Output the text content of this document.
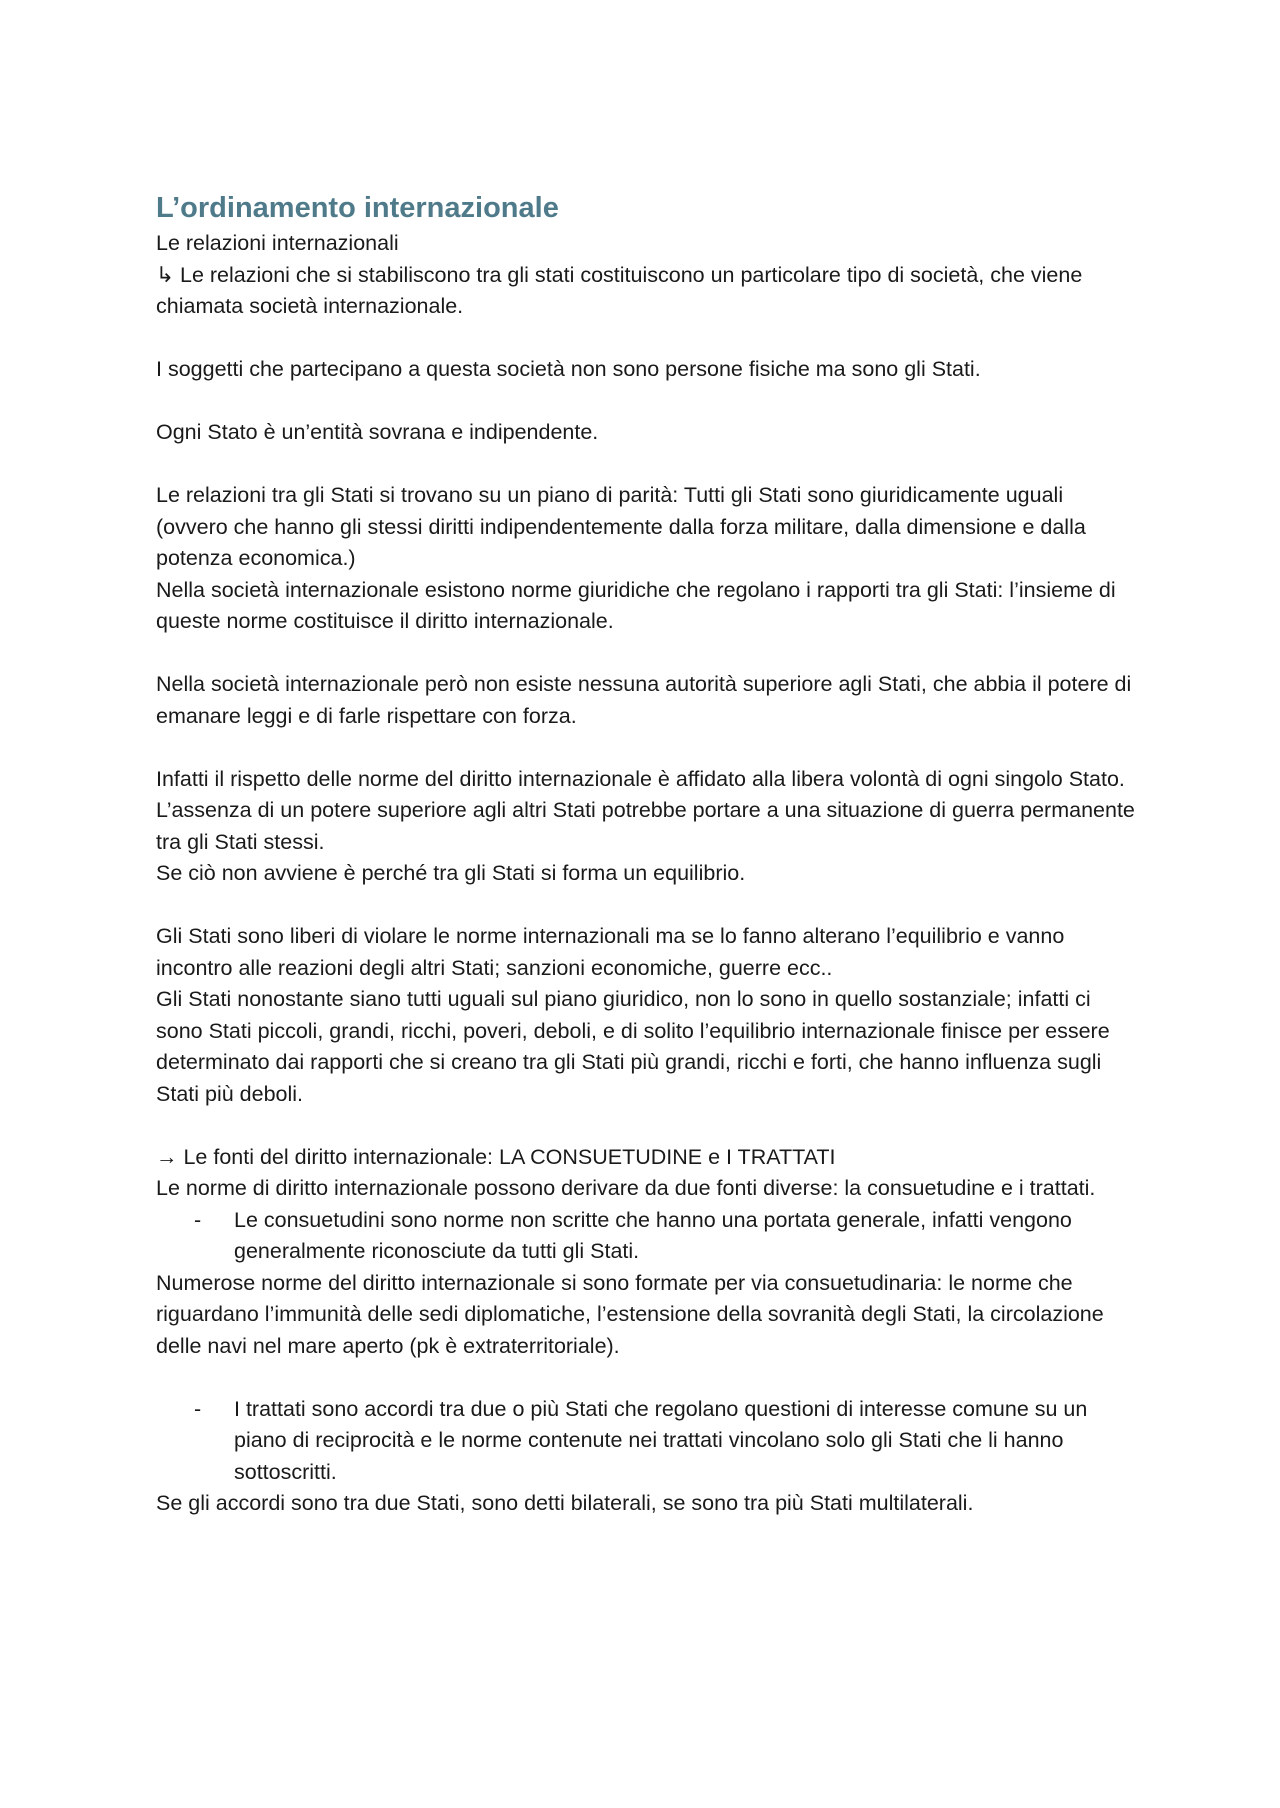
L’ordinamento internazionale

Le relazioni internazionali

↳ Le relazioni che si stabiliscono tra gli stati costituiscono un particolare tipo di società, che viene chiamata società internazionale.

I soggetti che partecipano a questa società non sono persone fisiche ma sono gli Stati.

Ogni Stato è un’entità sovrana e indipendente.

Le relazioni tra gli Stati si trovano su un piano di parità: Tutti gli Stati sono giuridicamente uguali (ovvero che hanno gli stessi diritti indipendentemente dalla forza militare, dalla dimensione e dalla potenza economica.)

Nella società internazionale esistono norme giuridiche che regolano i rapporti tra gli Stati: l’insieme di queste norme costituisce il diritto internazionale.

Nella società internazionale però non esiste nessuna autorità superiore agli Stati, che abbia il potere di emanare leggi e di farle rispettare con forza.

Infatti il rispetto delle norme del diritto internazionale è affidato alla libera volontà di ogni singolo Stato.

L’assenza di un potere superiore agli altri Stati potrebbe portare a una situazione di guerra permanente tra gli Stati stessi.

Se ciò non avviene è perché tra gli Stati si forma un equilibrio.

Gli Stati sono liberi di violare le norme internazionali ma se lo fanno alterano l’equilibrio e vanno incontro alle reazioni degli altri Stati; sanzioni economiche, guerre ecc..

Gli Stati nonostante siano tutti uguali sul piano giuridico, non lo sono in quello sostanziale; infatti ci sono Stati piccoli, grandi, ricchi, poveri, deboli, e di solito l’equilibrio internazionale finisce per essere determinato dai rapporti che si creano tra gli Stati più grandi, ricchi e forti, che hanno influenza sugli Stati più deboli.

→ Le fonti del diritto internazionale: LA CONSUETUDINE e I TRATTATI

Le norme di diritto internazionale possono derivare da due fonti diverse: la consuetudine e i trattati.

- Le consuetudini sono norme non scritte che hanno una portata generale, infatti vengono generalmente riconosciute da tutti gli Stati.

Numerose norme del diritto internazionale si sono formate per via consuetudinaria: le norme che riguardano l’immunità delle sedi diplomatiche, l’estensione della sovranità degli Stati, la circolazione delle navi nel mare aperto (pk è extraterritoriale).

- I trattati sono accordi tra due o più Stati che regolano questioni di interesse comune su un piano di reciprocità e le norme contenute nei trattati vincolano solo gli Stati che li hanno sottoscritti.

Se gli accordi sono tra due Stati, sono detti bilaterali, se sono tra più Stati multilaterali.
